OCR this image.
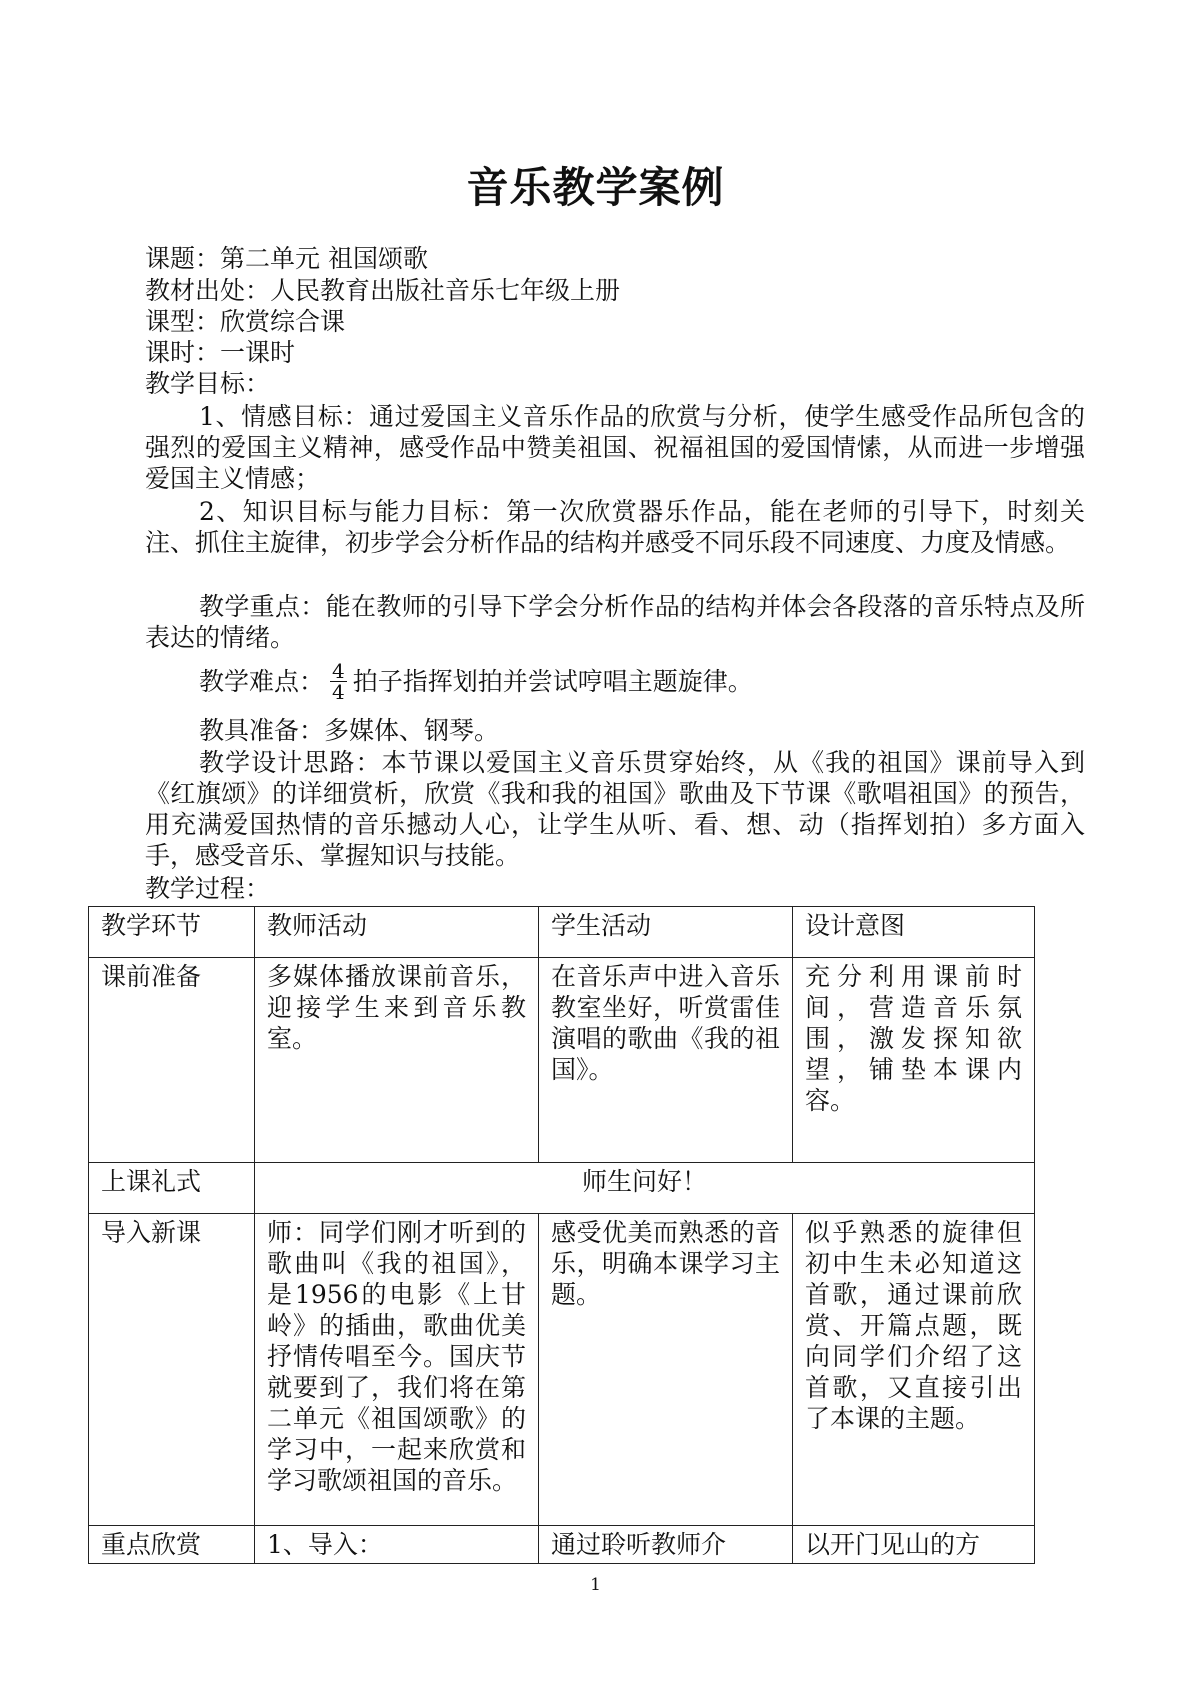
音乐教学案例
课题：第二单元 祖国颂歌
教材出处：人民教育出版社音乐七年级上册
课型：欣赏综合课
课时：一课时
教学目标：
1、情感目标：通过爱国主义音乐作品的欣赏与分析，使学生感受作品所包含的强烈的爱国主义精神，感受作品中赞美祖国、祝福祖国的爱国情愫，从而进一步增强爱国主义情感；
2、知识目标与能力目标：第一次欣赏器乐作品，能在老师的引导下，时刻关注、抓住主旋律，初步学会分析作品的结构并感受不同乐段不同速度、力度及情感。
教学重点：能在教师的引导下学会分析作品的结构并体会各段落的音乐特点及所表达的情绪。
教学难点： $\frac{4}{4}$ 拍子指挥划拍并尝试哼唱主题旋律。
教具准备：多媒体、钢琴。
教学设计思路：本节课以爱国主义音乐贯穿始终，从《我的祖国》课前导入到《红旗颂》的详细赏析，欣赏《我和我的祖国》歌曲及下节课《歌唱祖国》的预告，用充满爱国热情的音乐撼动人心，让学生从听、看、想、动（指挥划拍）多方面入手，感受音乐、掌握知识与技能。
教学过程：
教学环节	教师活动	学生活动	设计意图
课前准备	多媒体播放课前音乐，迎接学生来到音乐教室。	在音乐声中进入音乐教室坐好，听赏雷佳演唱的歌曲《我的祖国》。	充分利用课前时间，营造音乐氛围，激发探知欲望，铺垫本课内容。
上课礼式	师生问好！		
导入新课	师：同学们刚才听到的歌曲叫《我的祖国》，是1956的电影《上甘岭》的插曲，歌曲优美抒情传唱至今。国庆节就要到了，我们将在第二单元《祖国颂歌》的学习中，一起来欣赏和学习歌颂祖国的音乐。	感受优美而熟悉的音乐，明确本课学习主题。	似乎熟悉的旋律但初中生未必知道这首歌，通过课前欣赏、开篇点题，既向同学们介绍了这首歌，又直接引出了本课的主题。
重点欣赏	1、导入：	通过聆听教师介	以开门见山的方
1
